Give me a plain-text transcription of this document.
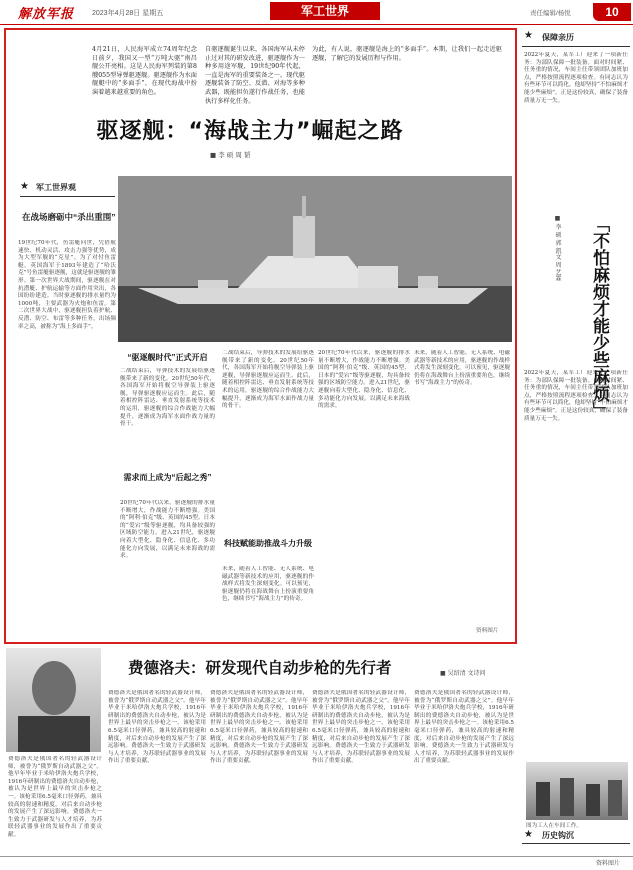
解放军报	2023年4月28日 星期五	军工世界	责任编辑/杨悦	10
4月21日，人民海军成立74周年纪念日前夕，我国又一型“万吨大驱”南昌舰公开亮相。这是人民海军列装的第8艘055型导弹驱逐舰。驱逐舰作为水面舰艇中的“多面手”，在现代海战中扮演着越来越重要的角色。
自驱逐舰诞生以来，各国海军从未停止过对其的研发改进，驱逐舰作为一种多用途军舰，19世纪90年代起，一直是海军的重要装备之一。现代驱逐舰装备了防空、反潜、对海等多种武器，既能担负遂行作战任务，也能执行多样化任务。
为此，有人说，驱逐舰是海上的“多面手”。本期，让我们一起走近驱逐舰，了解它的发展历程与作用。
驱逐舰：“海战主力”崛起之路
■ 李 硕 周 韬
★ 军工世界观
在战场磨砺中“杀出重围”
19世纪70年代，鱼雷艇问世，凭借航速快、机动灵活、攻击力强等优势，成为大型军舰的“克星”。为了对付鱼雷艇，英国海军于1893年建造了“哈沃克”号鱼雷艇驱逐舰，这就是驱逐舰的雏形。第一次世界大战期间，驱逐舰在对抗潜艇、护航运输等方面作用突出，各国纷纷建造。当时驱逐舰的排水量约为1000吨，主要武器为火炮和鱼雷。第二次世界大战中，驱逐舰担负着护航、反潜、防空、布雷等多种任务，出场频率之高，被称为“海上多面手”。
“驱逐舰时代”正式开启
二战结束后，导弹技术的发展给驱逐舰带来了新的变化。20世纪50年代，各国海军开始将舰空导弹装上驱逐舰，导弹驱逐舰应运而生。此后，随着相控阵雷达、垂直发射系统等技术的运用，驱逐舰的综合作战能力大幅提升，逐渐成为海军水面作战力量的骨干。
需求而上成为“后起之秀”
20世纪70年代以来，驱逐舰的排水量不断增大，作战能力不断增强。美国的“阿利·伯克”级、英国的45型、日本的“爱宕”级等驱逐舰，均具备较强的区域防空能力。进入21世纪，驱逐舰向着大型化、隐身化、信息化、多功能化方向发展，以满足未来海战的需求。
二战结束后，导弹技术的发展给驱逐舰带来了新的变化。20世纪50年代，各国海军开始将舰空导弹装上驱逐舰，导弹驱逐舰应运而生。此后，随着相控阵雷达、垂直发射系统等技术的运用，驱逐舰的综合作战能力大幅提升，逐渐成为海军水面作战力量的骨干。
科技赋能助推战斗力升级
未来，随着人工智能、无人系统、电磁武器等新技术的应用，驱逐舰的作战样式将发生深刻变化。可以预见，驱逐舰仍将在海战舞台上扮演重要角色，继续书写“海战主力”的传奇。
20世纪70年代以来，驱逐舰的排水量不断增大，作战能力不断增强。美国的“阿利·伯克”级、英国的45型、日本的“爱宕”级等驱逐舰，均具备较强的区域防空能力。进入21世纪，驱逐舰向着大型化、隐身化、信息化、多功能化方向发展，以满足未来海战的需求。
未来，随着人工智能、无人系统、电磁武器等新技术的应用，驱逐舰的作战样式将发生深刻变化。可以预见，驱逐舰仍将在海战舞台上扮演重要角色，继续书写“海战主力”的传奇。
资料图片
费德洛夫：研发现代自动步枪的先行者	■ 吴绍清 文诗问
费德洛夫是俄国著名的轻武器设计师，被誉为“俄罗斯自动武器之父”。他早年毕业于米哈伊洛夫炮兵学校，1916年研制出的费德洛夫自动步枪，被认为是世界上最早的突击步枪之一。该枪采用6.5毫米口径弹药，兼具较高的射速和精度，对后来自动步枪的发展产生了深远影响。费德洛夫一生致力于武器研发与人才培养，为苏联轻武器事业的发展作出了重要贡献。
费德洛夫是俄国著名的轻武器设计师，被誉为“俄罗斯自动武器之父”。他早年毕业于米哈伊洛夫炮兵学校，1916年研制出的费德洛夫自动步枪，被认为是世界上最早的突击步枪之一。该枪采用6.5毫米口径弹药，兼具较高的射速和精度，对后来自动步枪的发展产生了深远影响。费德洛夫一生致力于武器研发与人才培养，为苏联轻武器事业的发展作出了重要贡献。
费德洛夫是俄国著名的轻武器设计师，被誉为“俄罗斯自动武器之父”。他早年毕业于米哈伊洛夫炮兵学校，1916年研制出的费德洛夫自动步枪，被认为是世界上最早的突击步枪之一。该枪采用6.5毫米口径弹药，兼具较高的射速和精度，对后来自动步枪的发展产生了深远影响。费德洛夫一生致力于武器研发与人才培养，为苏联轻武器事业的发展作出了重要贡献。
费德洛夫是俄国著名的轻武器设计师，被誉为“俄罗斯自动武器之父”。他早年毕业于米哈伊洛夫炮兵学校，1916年研制出的费德洛夫自动步枪，被认为是世界上最早的突击步枪之一。该枪采用6.5毫米口径弹药，兼具较高的射速和精度，对后来自动步枪的发展产生了深远影响。费德洛夫一生致力于武器研发与人才培养，为苏联轻武器事业的发展作出了重要贡献。
费德洛夫是俄国著名的轻武器设计师，被誉为“俄罗斯自动武器之父”。他早年毕业于米哈伊洛夫炮兵学校，1916年研制出的费德洛夫自动步枪，被认为是世界上最早的突击步枪之一。该枪采用6.5毫米口径弹药，兼具较高的射速和精度，对后来自动步枪的发展产生了深远影响。费德洛夫一生致力于武器研发与人才培养，为苏联轻武器事业的发展作出了重要贡献。
★ 保障亲历
2022年夏天，某军工厂迎来了一项新任务：为部队保障一批装备。面对时间紧、任务重的情况，车间主任带领团队加班加点，严格按照流程逐项检查。有同志认为有些环节可以简化，他却坚持“不怕麻烦才能少些麻烦”。正是这份较真，确保了装备质量万无一失。
「不怕麻烦才能少些麻烦」
■ 李 硕 郭 凯文 周 艺霖
2022年夏天，某军工厂迎来了一项新任务：为部队保障一批装备。面对时间紧、任务重的情况，车间主任带领团队加班加点，严格按照流程逐项检查。有同志认为有些环节可以简化，他却坚持“不怕麻烦才能少些麻烦”。正是这份较真，确保了装备质量万无一失。
图为工人在车间工作。
★ 历史钩沉
资料图片
